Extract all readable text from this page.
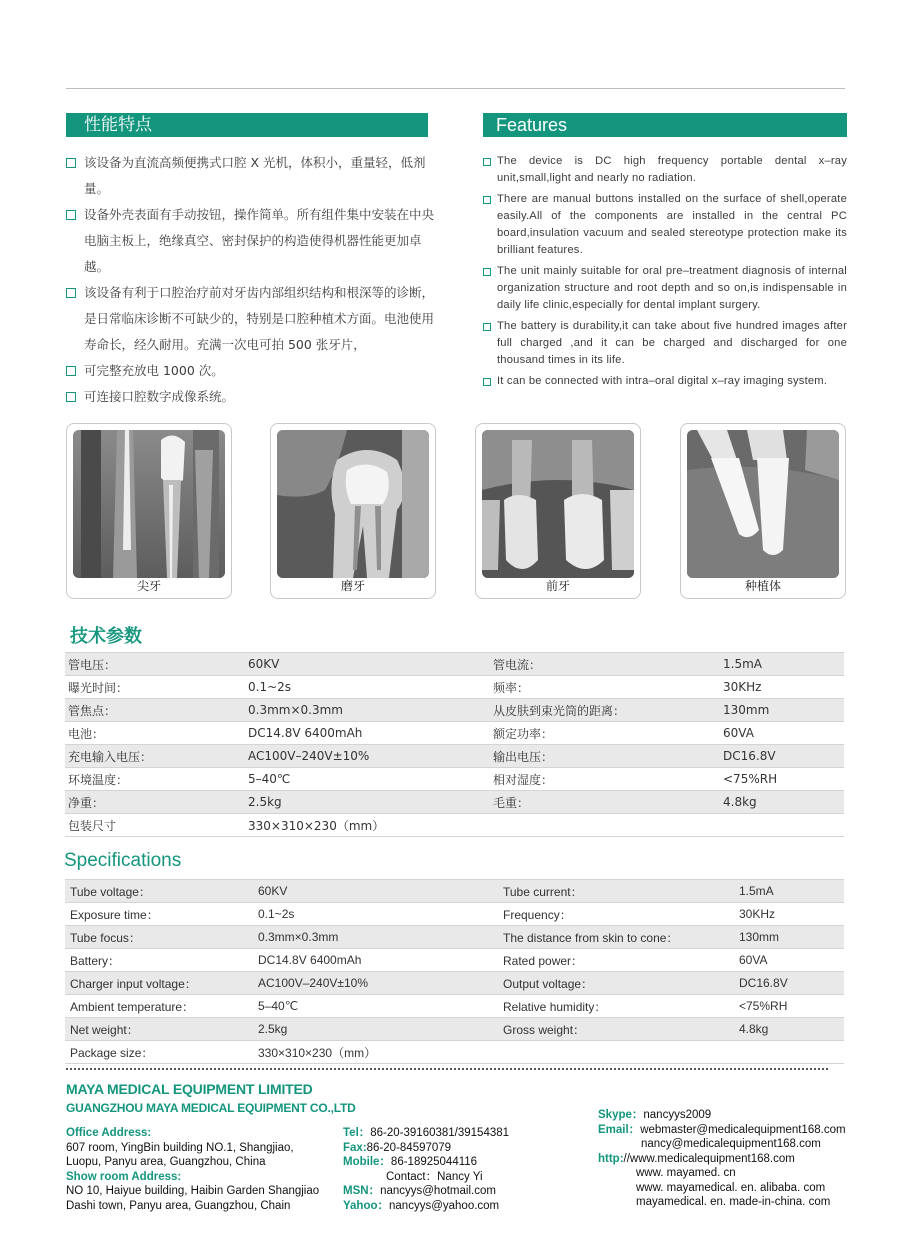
性能特点	Features
该设备为直流高频便携式口腔 X 光机，体积小，重量轻，低剂量。
设备外壳表面有手动按钮，操作简单。所有组件集中安装在中央电脑主板上，绝缘真空、密封保护的构造使得机器性能更加卓越。
该设备有利于口腔治疗前对牙齿内部组织结构和根深等的诊断，是日常临床诊断不可缺少的，特别是口腔种植术方面。电池使用寿命长，经久耐用。充满一次电可拍 500 张牙片，
可完整充放电 1000 次。
可连接口腔数字成像系统。
The device is DC high frequency portable dental x–ray unit,small,light and nearly no radiation.
There are manual buttons installed on the surface of shell,operate easily.All of the components are installed in the central PC board,insulation vacuum and sealed stereotype protection make its brilliant features.
The unit mainly suitable for oral pre–treatment diagnosis of internal organization structure and root depth and so on,is indispensable in daily life clinic,especially for dental implant surgery.
The battery is durability,it can take about five hundred images after full charged ,and it can be charged and discharged for one thousand times in its life.
It can be connected with intra–oral digital x–ray imaging system.
尖牙	磨牙	前牙	种植体
技术参数
管电压：	60KV	管电流：	1.5mA
曝光时间：	0.1~2s	频率：	30KHz
管焦点：	0.3mm×0.3mm	从皮肤到束光筒的距离：	130mm
电池：	DC14.8V 6400mAh	额定功率：	60VA
充电输入电压：	AC100V–240V±10%	输出电压：	DC16.8V
环境温度：	5–40℃	相对湿度：	<75%RH
净重：	2.5kg	毛重：	4.8kg
包装尺寸	330×310×230（mm）		
Specifications
Tube voltage：	60KV	Tube current：	1.5mA
Exposure time：	0.1~2s	Frequency：	30KHz
Tube focus：	0.3mm×0.3mm	The distance from skin to cone：	130mm
Battery：	DC14.8V 6400mAh	Rated power：	60VA
Charger input voltage：	AC100V–240V±10%	Output voltage：	DC16.8V
Ambient temperature：	5–40℃	Relative humidity：	<75%RH
Net weight：	2.5kg	Gross weight：	4.8kg
Package size：	330×310×230（mm）		
MAYA MEDICAL EQUIPMENT LIMITED
GUANGZHOU MAYA MEDICAL EQUIPMENT CO.,LTD
Office Address:
607 room, YingBin building NO.1, Shangjiao,
Luopu, Panyu area, Guangzhou, China
Show room Address:
NO 10, Haiyue building, Haibin Garden Shangjiao
Dashi town, Panyu area, Guangzhou, Chain
Tel：86-20-39160381/39154381
Fax:86-20-84597079
Mobile：86-18925044116
Contact：Nancy Yi
MSN：nancyys@hotmail.com
Yahoo：nancyys@yahoo.com
Skype：nancyys2009
Email：webmaster@medicalequipment168.com
nancy@medicalequipment168.com
http://www.medicalequipment168.com
www. mayamed. cn
www. mayamedical. en. alibaba. com
mayamedical. en. made-in-china. com
